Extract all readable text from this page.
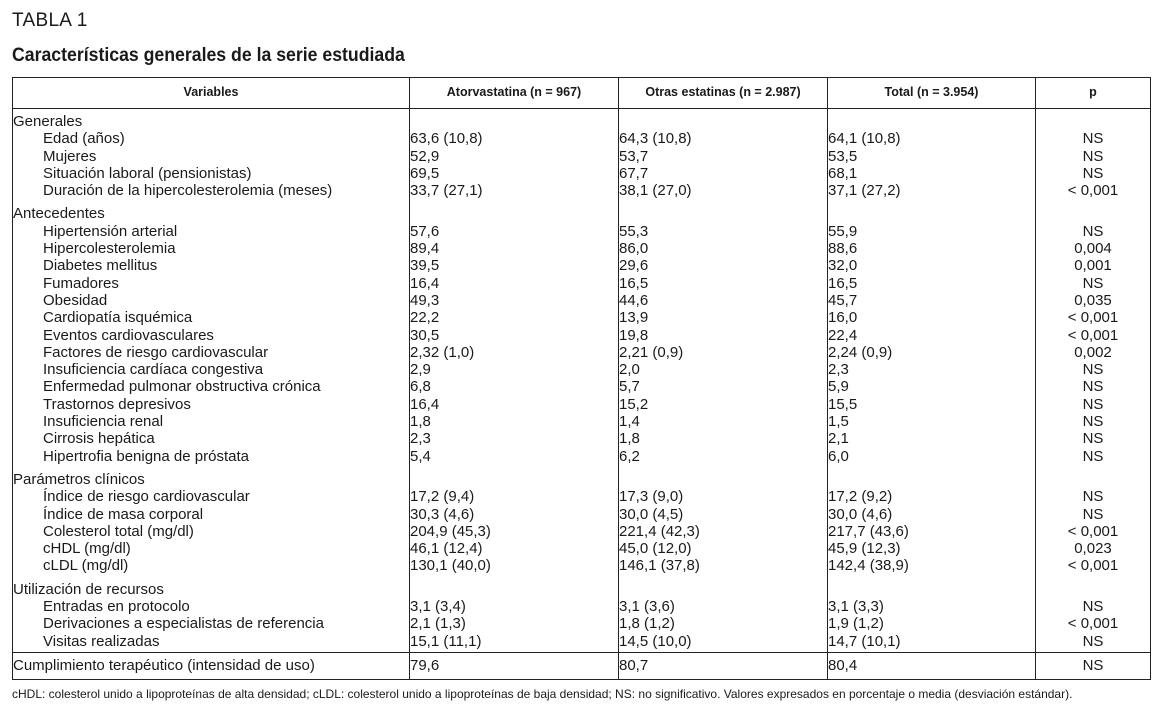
TABLA 1
Características generales de la serie estudiada
Variables	Atorvastatina (n = 967)	Otras estatinas (n = 2.987)	Total (n = 3.954)	p
Generales				
Edad (años)	63,6 (10,8)	64,3 (10,8)	64,1 (10,8)	NS
Mujeres	52,9	53,7	53,5	NS
Situación laboral (pensionistas)	69,5	67,7	68,1	NS
Duración de la hipercolesterolemia (meses)	33,7 (27,1)	38,1 (27,0)	37,1 (27,2)	< 0,001
Antecedentes				
Hipertensión arterial	57,6	55,3	55,9	NS
Hipercolesterolemia	89,4	86,0	88,6	0,004
Diabetes mellitus	39,5	29,6	32,0	0,001
Fumadores	16,4	16,5	16,5	NS
Obesidad	49,3	44,6	45,7	0,035
Cardiopatía isquémica	22,2	13,9	16,0	< 0,001
Eventos cardiovasculares	30,5	19,8	22,4	< 0,001
Factores de riesgo cardiovascular	2,32 (1,0)	2,21 (0,9)	2,24 (0,9)	0,002
Insuficiencia cardíaca congestiva	2,9	2,0	2,3	NS
Enfermedad pulmonar obstructiva crónica	6,8	5,7	5,9	NS
Trastornos depresivos	16,4	15,2	15,5	NS
Insuficiencia renal	1,8	1,4	1,5	NS
Cirrosis hepática	2,3	1,8	2,1	NS
Hipertrofia benigna de próstata	5,4	6,2	6,0	NS
Parámetros clínicos				
Índice de riesgo cardiovascular	17,2 (9,4)	17,3 (9,0)	17,2 (9,2)	NS
Índice de masa corporal	30,3 (4,6)	30,0 (4,5)	30,0 (4,6)	NS
Colesterol total (mg/dl)	204,9 (45,3)	221,4 (42,3)	217,7 (43,6)	< 0,001
cHDL (mg/dl)	46,1 (12,4)	45,0 (12,0)	45,9 (12,3)	0,023
cLDL (mg/dl)	130,1 (40,0)	146,1 (37,8)	142,4 (38,9)	< 0,001
Utilización de recursos				
Entradas en protocolo	3,1 (3,4)	3,1 (3,6)	3,1 (3,3)	NS
Derivaciones a especialistas de referencia	2,1 (1,3)	1,8 (1,2)	1,9 (1,2)	< 0,001
Visitas realizadas	15,1 (11,1)	14,5 (10,0)	14,7 (10,1)	NS
Cumplimiento terapéutico (intensidad de uso)	79,6	80,7	80,4	NS
cHDL: colesterol unido a lipoproteínas de alta densidad; cLDL: colesterol unido a lipoproteínas de baja densidad; NS: no significativo. Valores expresados en porcentaje o media (desviación estándar).
